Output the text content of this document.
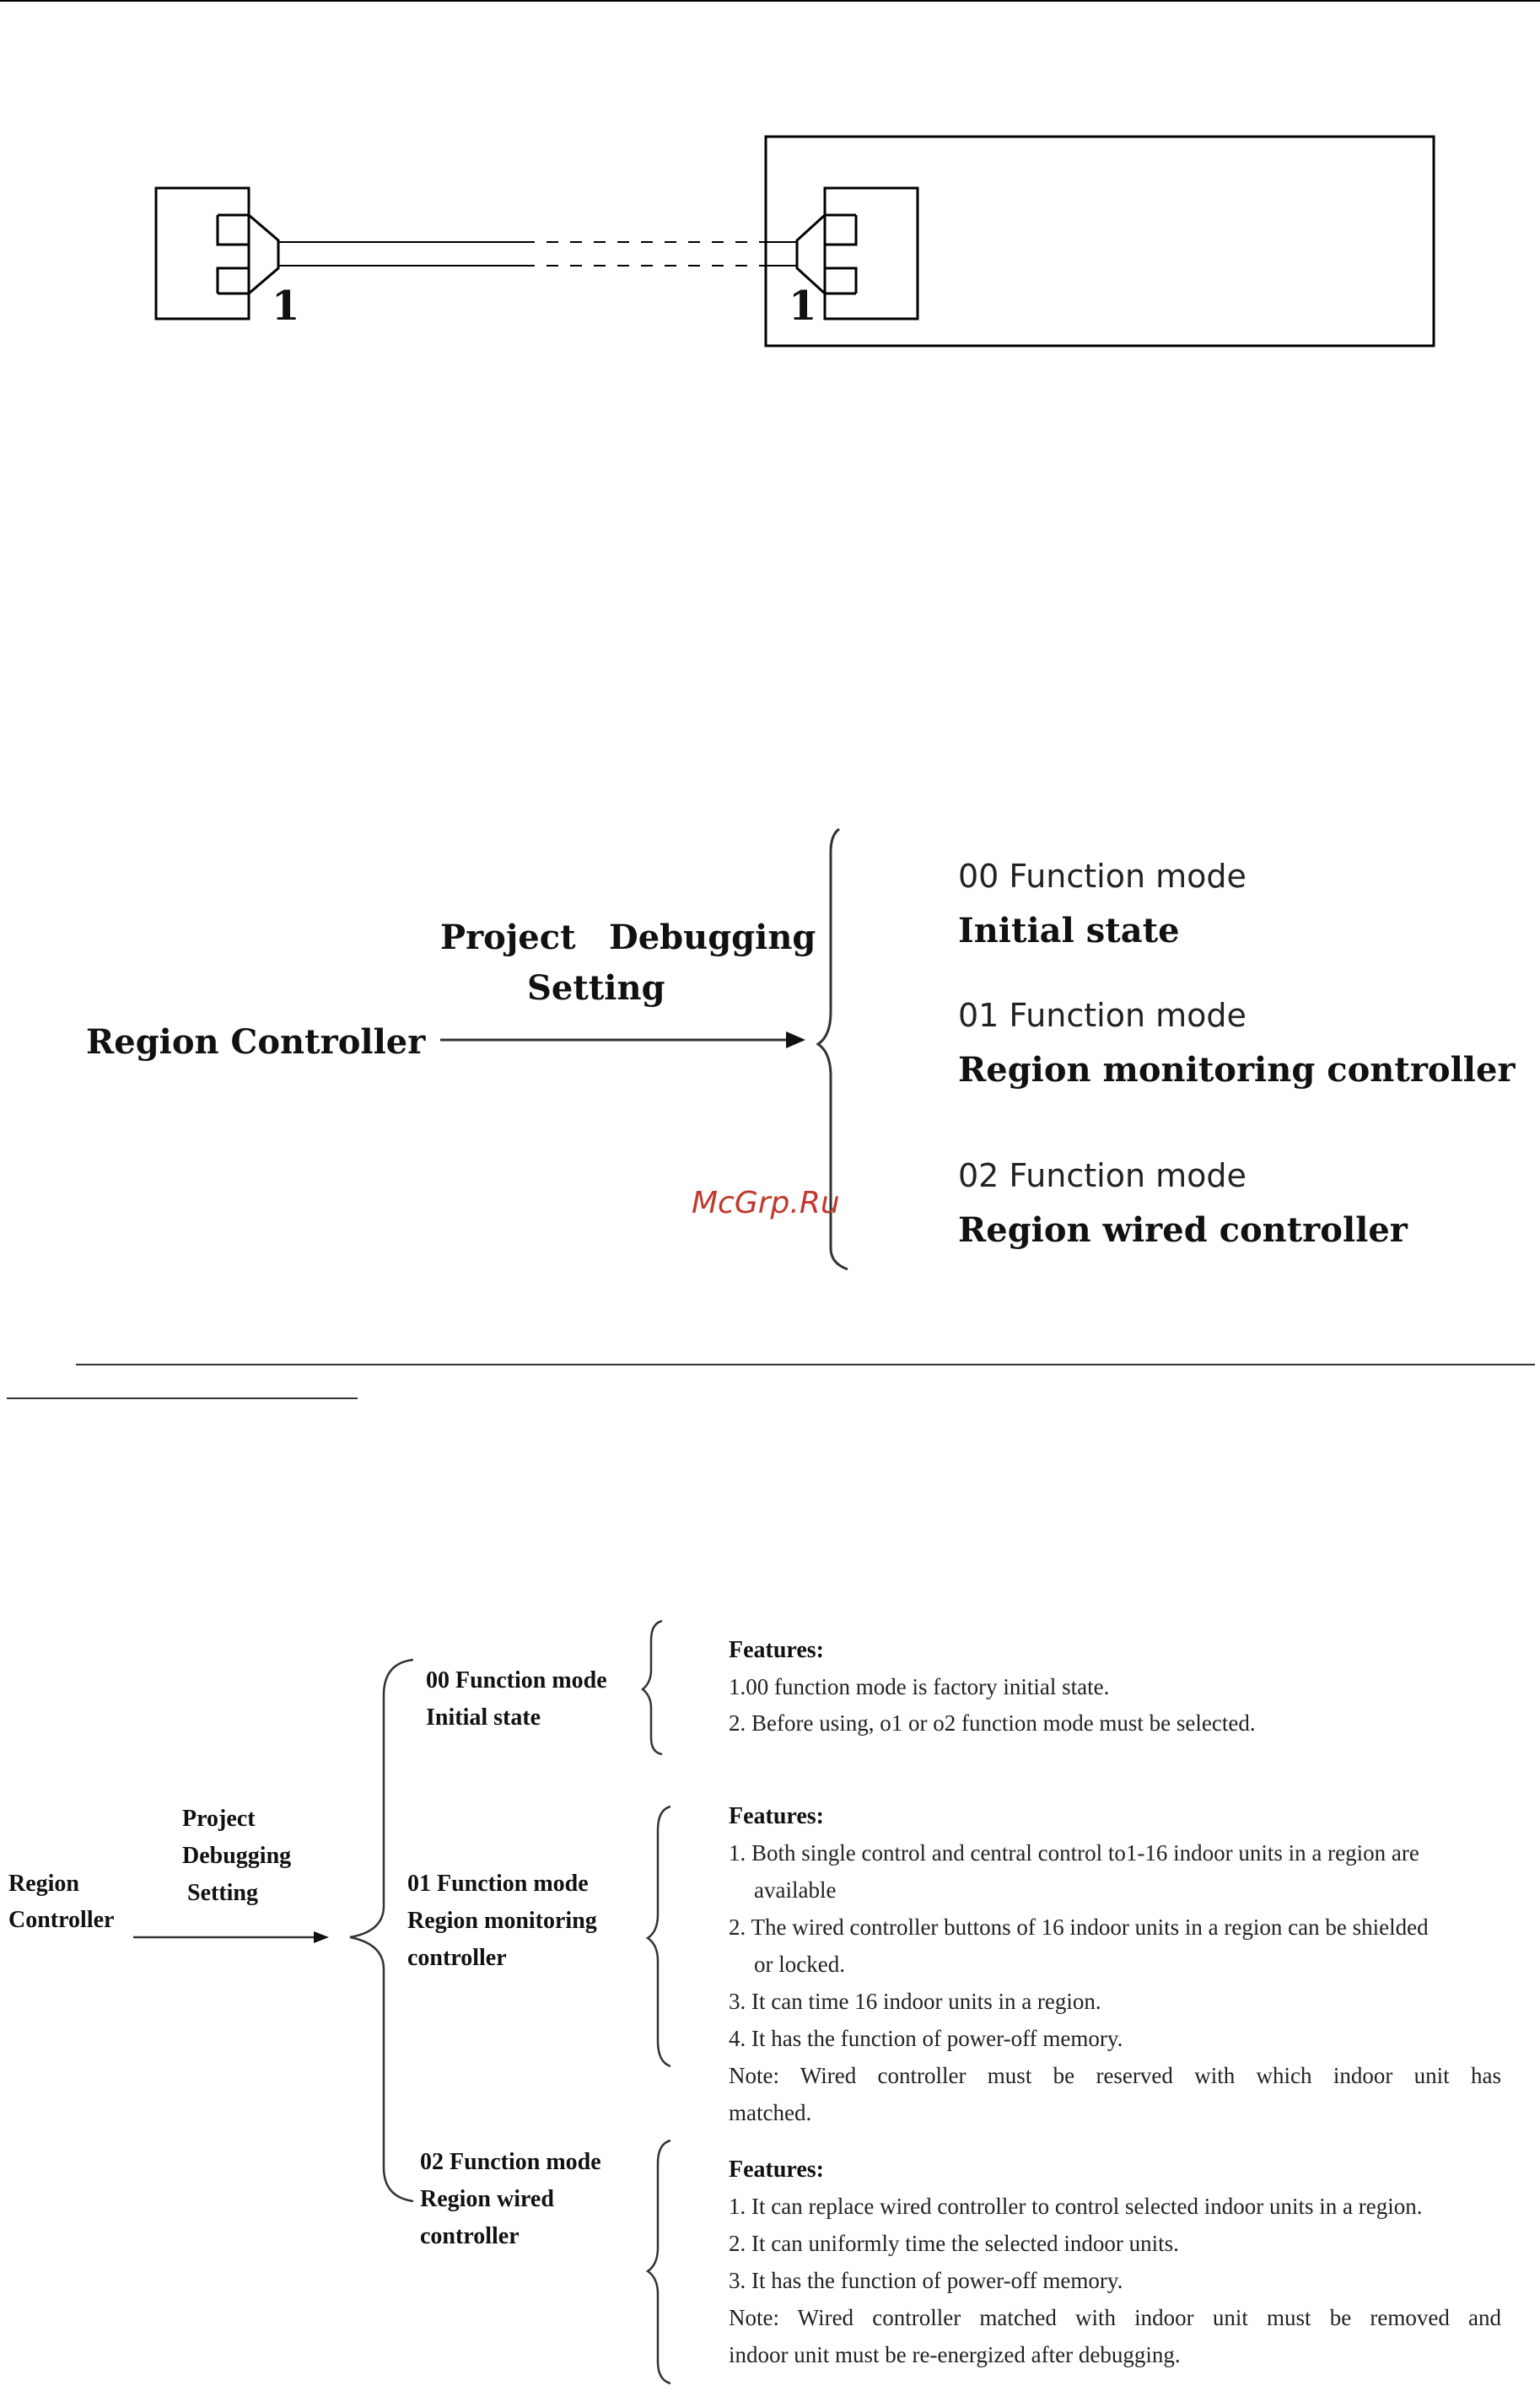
1	1
Region Controller
Project Debugging
Setting
00 Function mode
Initial state
01 Function mode
Region monitoring controller
02 Function mode
Region wired controller
McGrp.Ru
Region
Controller
Project
Debugging
Setting
00 Function mode
Initial state
Features:
1.00 function mode is factory initial state.
2. Before using, o1 or o2 function mode must be selected.
01 Function mode
Region monitoring
controller
Features:
1. Both single control and central control to1-16 indoor units in a region are
available
2. The wired controller buttons of 16 indoor units in a region can be shielded
or locked.
3. It can time 16 indoor units in a region.
4. It has the function of power-off memory.
Note: Wired controller must be reserved with which indoor unit has
matched.
02 Function mode
Region wired
controller
Features:
1. It can replace wired controller to control selected indoor units in a region.
2. It can uniformly time the selected indoor units.
3. It has the function of power-off memory.
Note: Wired controller matched with indoor unit must be removed and
indoor unit must be re-energized after debugging.
